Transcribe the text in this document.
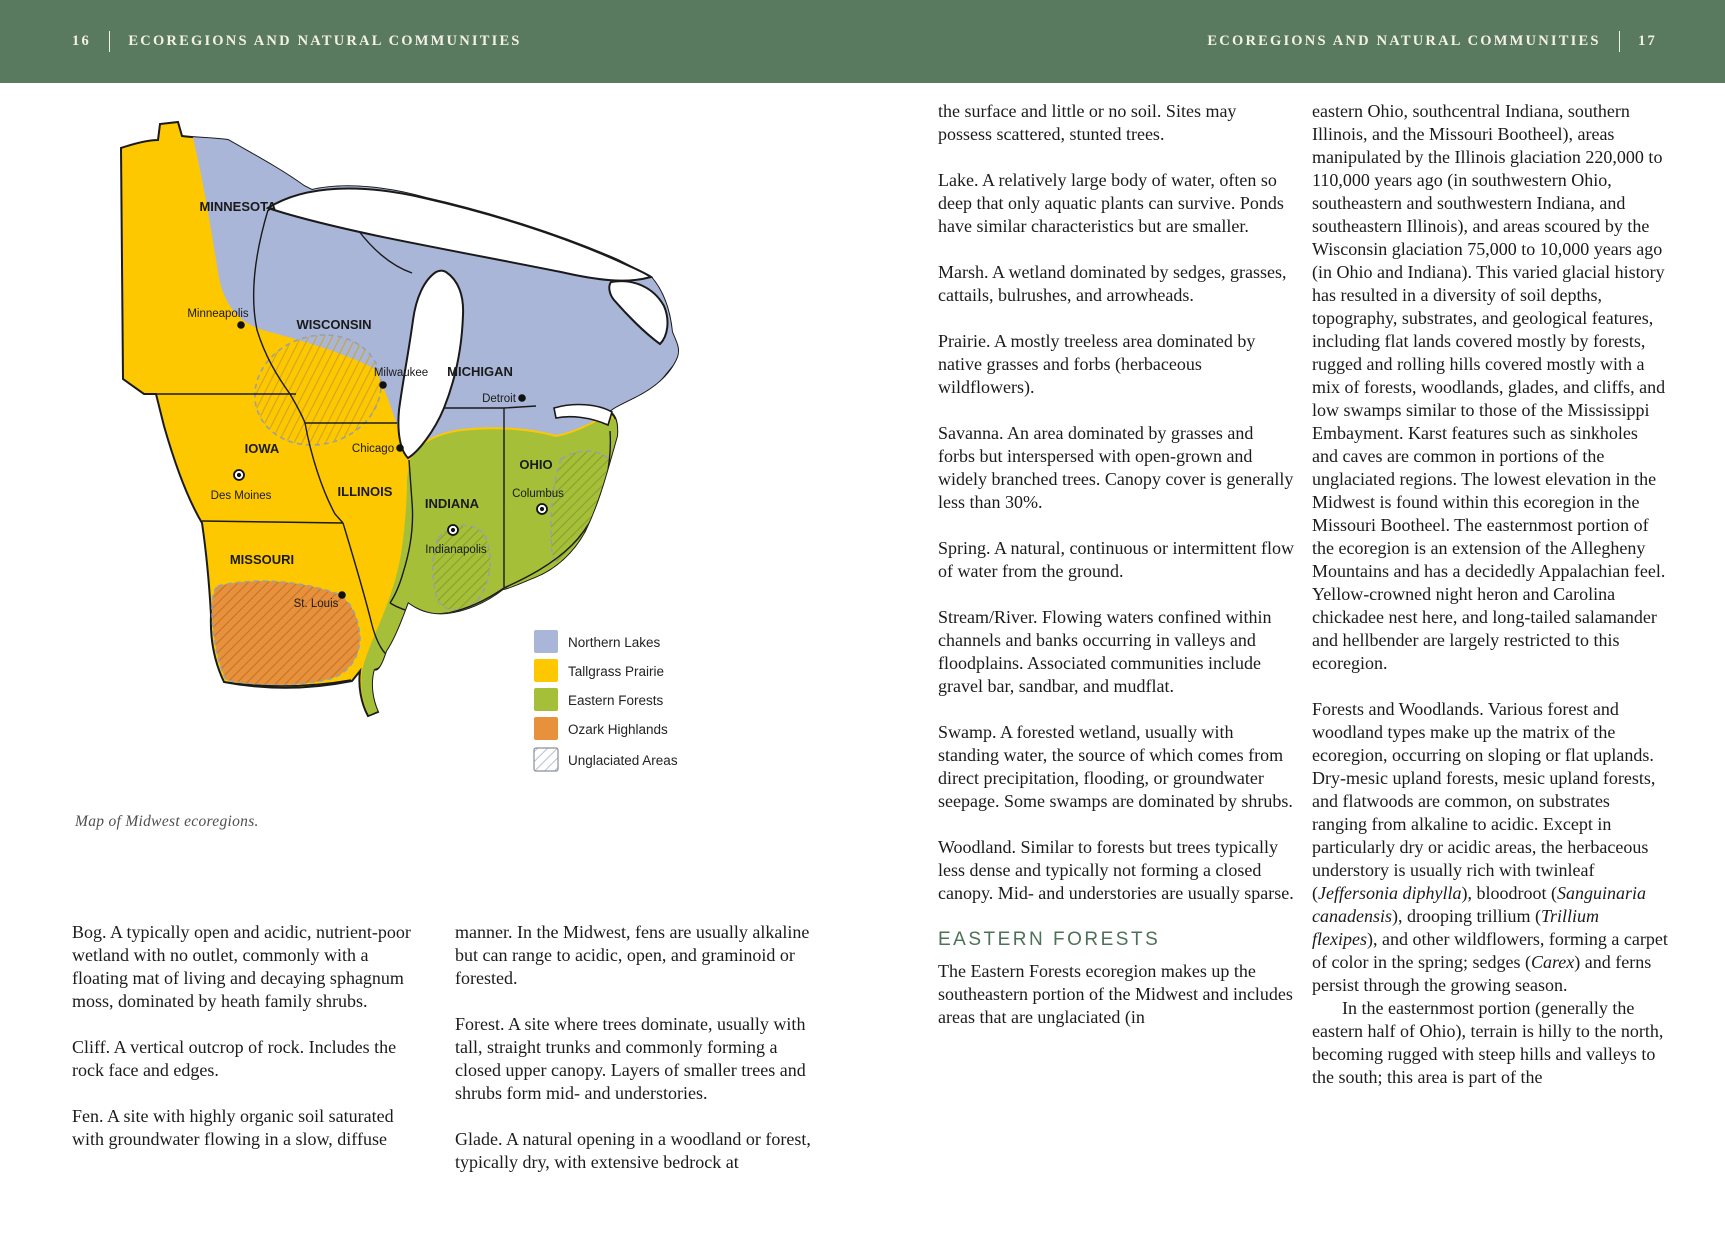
16	ECOREGIONS AND NATURAL COMMUNITIES	ECOREGIONS AND NATURAL COMMUNITIES	17
MINNESOTA
WISCONSIN
MICHIGAN
IOWA
ILLINOIS
INDIANA
OHIO
MISSOURI
Minneapolis
Milwaukee
Detroit
Chicago
Des Moines
Indianapolis
Columbus
St. Louis
Northern Lakes
Tallgrass Prairie
Eastern Forests
Ozark Highlands
Unglaciated Areas
Map of Midwest ecoregions.

Bog. A typically open and acidic, nutrient-poor wetland with no outlet, commonly with a floating mat of living and decaying sphagnum moss, dominated by heath family shrubs.

Cliff. A vertical outcrop of rock. Includes the rock face and edges.

Fen. A site with highly organic soil saturated with groundwater flowing in a slow, diffuse

manner. In the Midwest, fens are usually alkaline but can range to acidic, open, and graminoid or forested.

Forest. A site where trees dominate, usually with tall, straight trunks and commonly forming a closed upper canopy. Layers of smaller trees and shrubs form mid- and understories.

Glade. A natural opening in a woodland or forest, typically dry, with extensive bedrock at

the surface and little or no soil. Sites may possess scattered, stunted trees.

Lake. A relatively large body of water, often so deep that only aquatic plants can survive. Ponds have similar characteristics but are smaller.

Marsh. A wetland dominated by sedges, grasses, cattails, bulrushes, and arrowheads.

Prairie. A mostly treeless area dominated by native grasses and forbs (herbaceous wildflowers).

Savanna. An area dominated by grasses and forbs but interspersed with open-grown and widely branched trees. Canopy cover is generally less than 30%.

Spring. A natural, continuous or intermittent flow of water from the ground.

Stream/River. Flowing waters confined within channels and banks occurring in valleys and floodplains. Associated communities include gravel bar, sandbar, and mudflat.

Swamp. A forested wetland, usually with standing water, the source of which comes from direct precipitation, flooding, or groundwater seepage. Some swamps are dominated by shrubs.

Woodland. Similar to forests but trees typically less dense and typically not forming a closed canopy. Mid- and understories are usually sparse.

EASTERN FORESTS

The Eastern Forests ecoregion makes up the southeastern portion of the Midwest and includes areas that are unglaciated (in

eastern Ohio, southcentral Indiana, southern Illinois, and the Missouri Bootheel), areas manipulated by the Illinois glaciation 220,000 to 110,000 years ago (in southwestern Ohio, southeastern and southwestern Indiana, and southeastern Illinois), and areas scoured by the Wisconsin glaciation 75,000 to 10,000 years ago (in Ohio and Indiana). This varied glacial history has resulted in a diversity of soil depths, topography, substrates, and geological features, including flat lands covered mostly by forests, rugged and rolling hills covered mostly with a mix of forests, woodlands, glades, and cliffs, and low swamps similar to those of the Mississippi Embayment. Karst features such as sinkholes and caves are common in portions of the unglaciated regions. The lowest elevation in the Midwest is found within this ecoregion in the Missouri Bootheel. The easternmost portion of the ecoregion is an extension of the Allegheny Mountains and has a decidedly Appalachian feel. Yellow-crowned night heron and Carolina chickadee nest here, and long-tailed salamander and hellbender are largely restricted to this ecoregion.

Forests and Woodlands. Various forest and woodland types make up the matrix of the ecoregion, occurring on sloping or flat uplands. Dry-mesic upland forests, mesic upland forests, and flatwoods are common, on substrates ranging from alkaline to acidic. Except in particularly dry or acidic areas, the herbaceous understory is usually rich with twinleaf (Jeffersonia diphylla), bloodroot (Sanguinaria canadensis), drooping trillium (Trillium flexipes), and other wildflowers, forming a carpet of color in the spring; sedges (Carex) and ferns persist through the growing season.

In the easternmost portion (generally the eastern half of Ohio), terrain is hilly to the north, becoming rugged with steep hills and valleys to the south; this area is part of the
